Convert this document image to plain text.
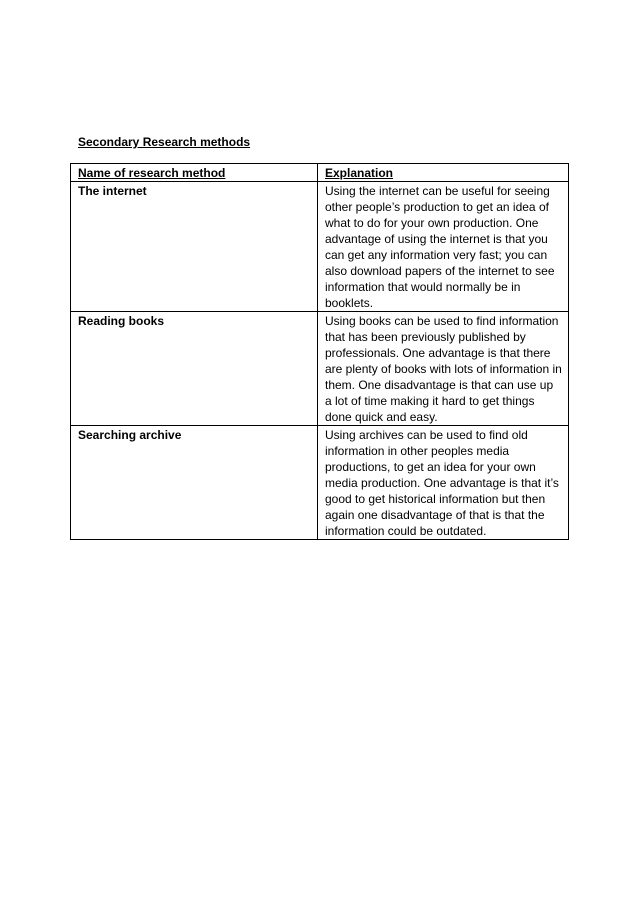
Secondary Research methods
Name of research method	Explanation
The internet	Using the internet can be useful for seeing other people’s production to get an idea of what to do for your own production. One advantage of using the internet is that you can get any information very fast; you can also download papers of the internet to see information that would normally be in booklets.
Reading books	Using books can be used to find information that has been previously published by professionals. One advantage is that there are plenty of books with lots of information in them. One disadvantage is that can use up a lot of time making it hard to get things done quick and easy.
Searching archive	Using archives can be used to find old information in other peoples media productions, to get an idea for your own media production. One advantage is that it’s good to get historical information but then again one disadvantage of that is that the information could be outdated.
